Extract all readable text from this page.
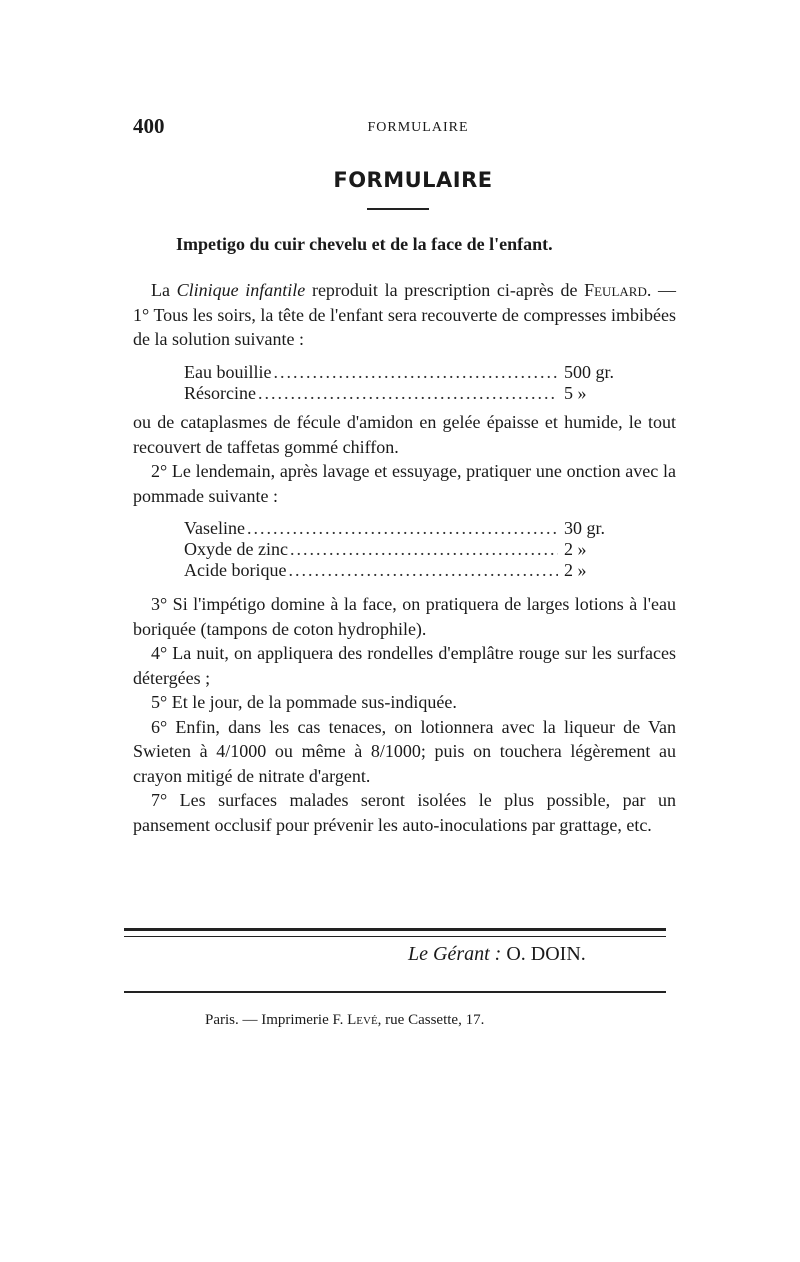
400	FORMULAIRE
FORMULAIRE
Impetigo du cuir chevelu et de la face de l'enfant.

La Clinique infantile reproduit la prescription ci-après de Feulard. — 1° Tous les soirs, la tête de l'enfant sera recouverte de compresses imbibées de la solution suivante :

Eau bouillie .....	500 gr.
Résorcine .....	5 »

ou de cataplasmes de fécule d'amidon en gelée épaisse et humide, le tout recouvert de taffetas gommé chiffon.

2° Le lendemain, après lavage et essuyage, pratiquer une onction avec la pommade suivante :

Vaseline .....	30 gr.
Oxyde de zinc .....	2 »
Acide borique .....	2 »

3° Si l'impétigo domine à la face, on pratiquera de larges lotions à l'eau boriquée (tampons de coton hydrophile).

4° La nuit, on appliquera des rondelles d'emplâtre rouge sur les surfaces détergées ;

5° Et le jour, de la pommade sus-indiquée.

6° Enfin, dans les cas tenaces, on lotionnera avec la liqueur de Van Swieten à 4/1000 ou même à 8/1000; puis on touchera légèrement au crayon mitigé de nitrate d'argent.

7° Les surfaces malades seront isolées le plus possible, par un pansement occlusif pour prévenir les auto-inoculations par grattage, etc.

Le Gérant : O. DOIN.
Paris. — Imprimerie F. Levé, rue Cassette, 17.
